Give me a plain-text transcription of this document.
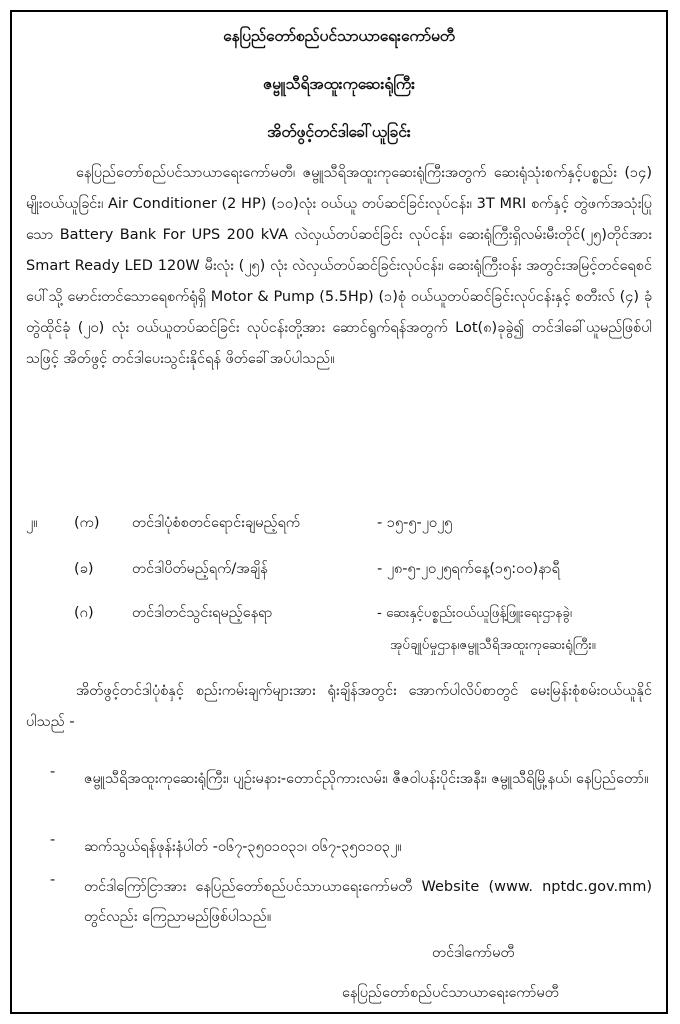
နေပြည်တော်စည်ပင်သာယာရေးကော်မတီ
ဇမ္ဗူသီရိအထူးကုဆေးရုံကြီး
အိတ်ဖွင့်တင်ဒါခေါ်ယူခြင်း
နေပြည်တော်စည်ပင်သာယာရေးကော်မတီ၊ ဇမ္ဗူသီရိအထူးကုဆေးရုံကြီးအတွက် ဆေးရုံသုံးစက်နှင့်ပစ္စည်း (၁၄) မျိုးဝယ်ယူခြင်း၊ Air Conditioner (2 HP) (၁၀)လုံး ဝယ်ယူ တပ်ဆင်ခြင်းလုပ်ငန်း၊ 3T MRI စက်နှင့် တွဲဖက်အသုံးပြုသော Battery Bank For UPS 200 kVA လဲလှယ်တပ်ဆင်ခြင်း လုပ်ငန်း၊ ဆေးရုံကြီးရှိလမ်းမီးတိုင်(၂၅)တိုင်အား Smart Ready LED 120W မီးလုံး (၂၅) လုံး လဲလှယ်တပ်ဆင်ခြင်းလုပ်ငန်း၊ ဆေးရုံကြီးဝန်း အတွင်းအမြင့်တင်ရေစင်ပေါ်သို့ မောင်းတင်သောရေစက်ရုံရှိ Motor & Pump (5.5Hp) (၁)စုံ ဝယ်ယူတပ်ဆင်ခြင်းလုပ်ငန်းနှင့် စတီးလ် (၄) ခုံတွဲထိုင်ခုံ (၂၀) လုံး ဝယ်ယူတပ်ဆင်ခြင်း လုပ်ငန်းတို့အား ဆောင်ရွက်ရန်အတွက် Lot(၈)ခုခွဲ၍ တင်ဒါခေါ်ယူမည်ဖြစ်ပါသဖြင့် အိတ်ဖွင့် တင်ဒါပေးသွင်းနိုင်ရန် ဖိတ်ခေါ်အပ်ပါသည်။
၂။	(က) တင်ဒါပုံစံစတင်ရောင်းချမည့်ရက်	- ၁၅-၅-၂၀၂၅
(ခ)	တင်ဒါပိတ်မည့်ရက်/အချိန်	- ၂၈-၅-၂၀၂၅ရက်နေ့(၁၅:၀၀)နာရီ
(ဂ)	တင်ဒါတင်သွင်းရမည့်နေရာ	- ဆေးနှင့်ပစ္စည်းဝယ်ယူဖြန့်ဖြူးရေးဌာနခွဲ၊
အုပ်ချုပ်မှုဌာန၊ဇမ္ဗူသီရိအထူးကုဆေးရုံကြီး။
အိတ်ဖွင့်တင်ဒါပုံစံနှင့် စည်းကမ်းချက်များအား ရုံးချိန်အတွင်း အောက်ပါလိပ်စာတွင် မေးမြန်းစုံစမ်းဝယ်ယူနိုင်ပါသည် -
- ဇမ္ဗူသီရိအထူးကုဆေးရုံကြီး၊ ပျဉ်းမနား-တောင်ညိုကားလမ်း၊ ဇီဇဝါပန်းပိုင်းအနီး၊ ဇမ္ဗူသီရိမြို့နယ်၊ နေပြည်တော်။
- ဆက်သွယ်ရန်ဖုန်းနံပါတ် -၀၆၇-၃၅၀၁၀၃၁၊ ၀၆၇-၃၅၀၁၀၃၂။
- တင်ဒါကြော်ငြာအား နေပြည်တော်စည်ပင်သာယာရေးကော်မတီ Website (www. nptdc.gov.mm) တွင်လည်း ကြေညာမည်ဖြစ်ပါသည်။
တင်ဒါကော်မတီ
နေပြည်တော်စည်ပင်သာယာရေးကော်မတီ
